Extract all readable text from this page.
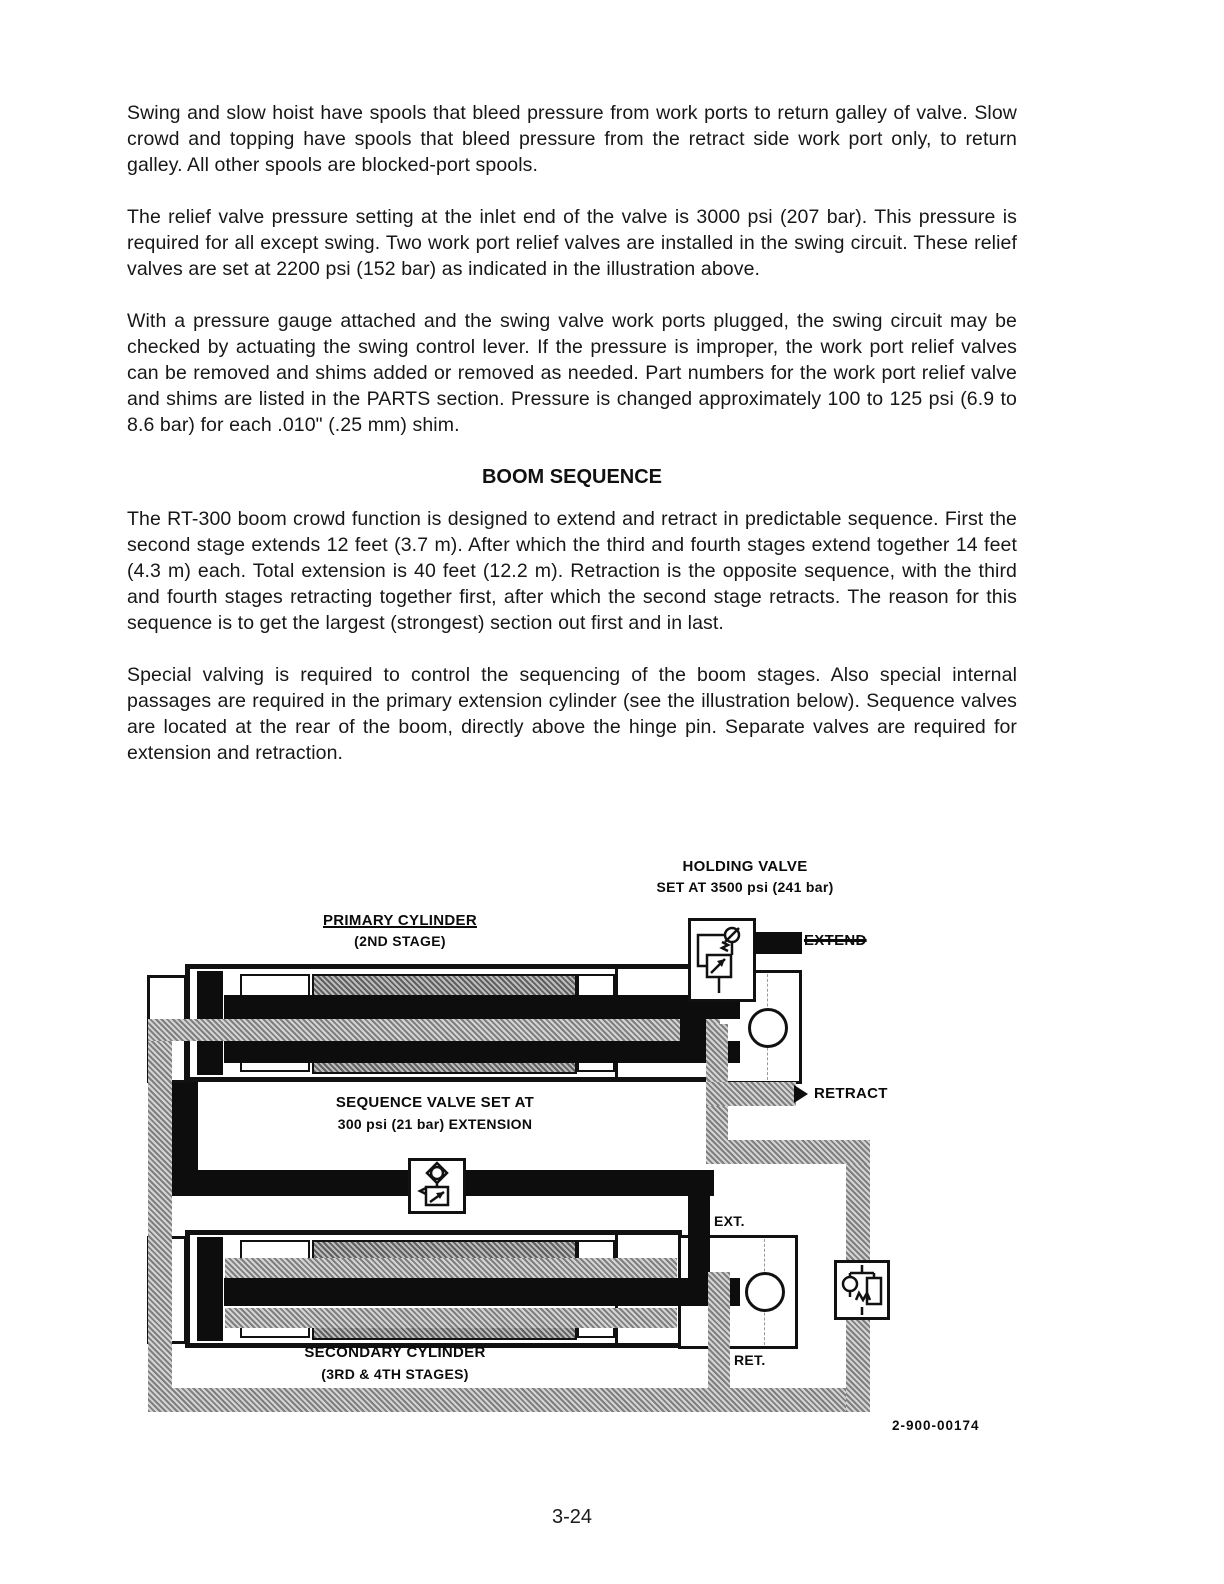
Swing and slow hoist have spools that bleed pressure from work ports to return galley of valve. Slow crowd and topping have spools that bleed pressure from the retract side work port only, to return galley. All other spools are blocked-port spools.

The relief valve pressure setting at the inlet end of the valve is 3000 psi (207 bar). This pressure is required for all except swing. Two work port relief valves are installed in the swing circuit. These relief valves are set at 2200 psi (152 bar) as indicated in the illustration above.

With a pressure gauge attached and the swing valve work ports plugged, the swing circuit may be checked by actuating the swing control lever. If the pressure is improper, the work port relief valves can be removed and shims added or removed as needed. Part numbers for the work port relief valve and shims are listed in the PARTS section. Pressure is changed approximately 100 to 125 psi (6.9 to 8.6 bar) for each .010" (.25 mm) shim.

BOOM SEQUENCE

The RT-300 boom crowd function is designed to extend and retract in predictable sequence. First the second stage extends 12 feet (3.7 m). After which the third and fourth stages extend together 14 feet (4.3 m) each. Total extension is 40 feet (12.2 m). Retraction is the opposite sequence, with the third and fourth stages retracting together first, after which the second stage retracts. The reason for this sequence is to get the largest (strongest) section out first and in last.

Special valving is required to control the sequencing of the boom stages. Also special internal passages are required in the primary extension cylinder (see the illustration below). Sequence valves are located at the rear of the boom, directly above the hinge pin. Separate valves are required for extension and retraction.

EXTEND
RETRACT
EXT.
RET.
HOLDING VALVE
SET AT 3500 psi (241 bar)
PRIMARY CYLINDER
(2ND STAGE)
SEQUENCE VALVE SET AT
300 psi (21 bar) EXTENSION
SECONDARY CYLINDER
(3RD & 4TH STAGES)
2-900-00174
3-24
